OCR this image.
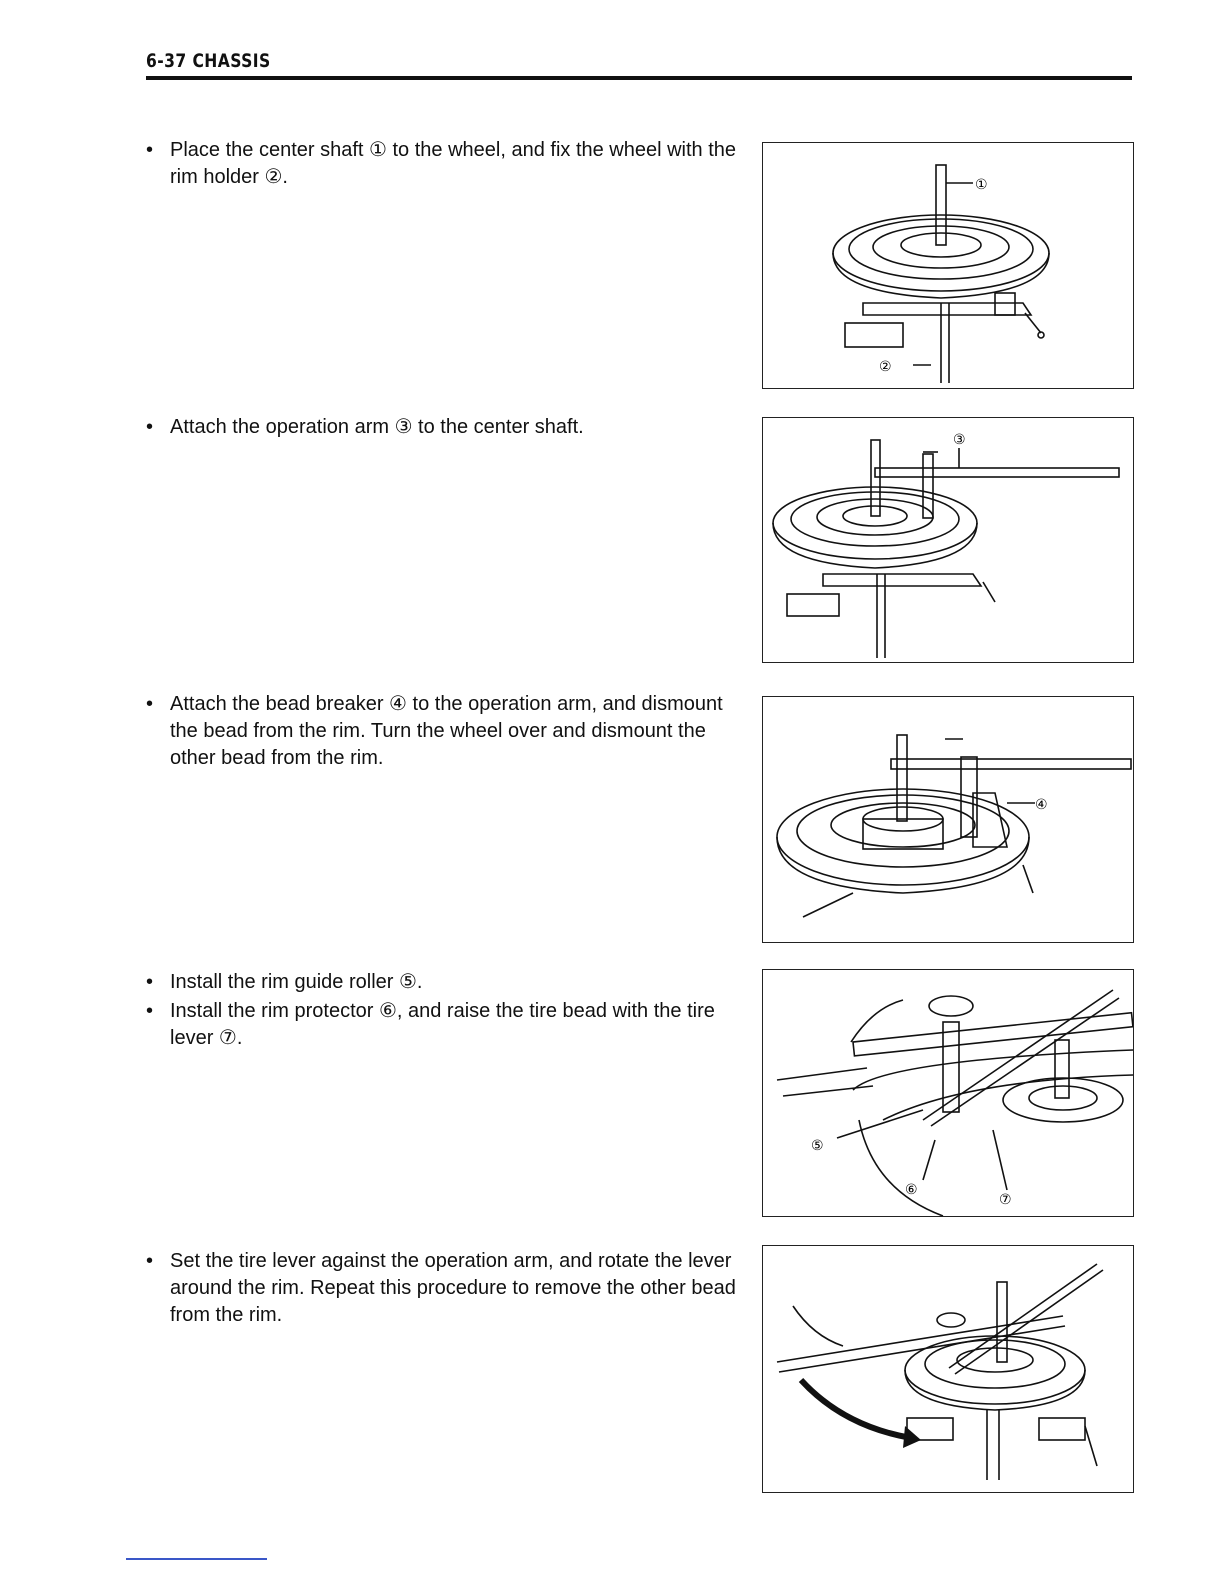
6-37 CHASSIS
• Place the center shaft ① to the wheel, and fix the wheel with the rim holder ②.	①
②
• Attach the operation arm ③ to the center shaft.
③
• Attach the bead breaker ④ to the operation arm, and dismount the bead from the rim. Turn the wheel over and dismount the other bead from the rim.
④
• Install the rim guide roller ⑤.
• Install the rim protector ⑥, and raise the tire bead with the tire lever ⑦.
⑤
⑥
⑦
• Set the tire lever against the operation arm, and rotate the lever around the rim. Repeat this procedure to remove the other bead from the rim.
